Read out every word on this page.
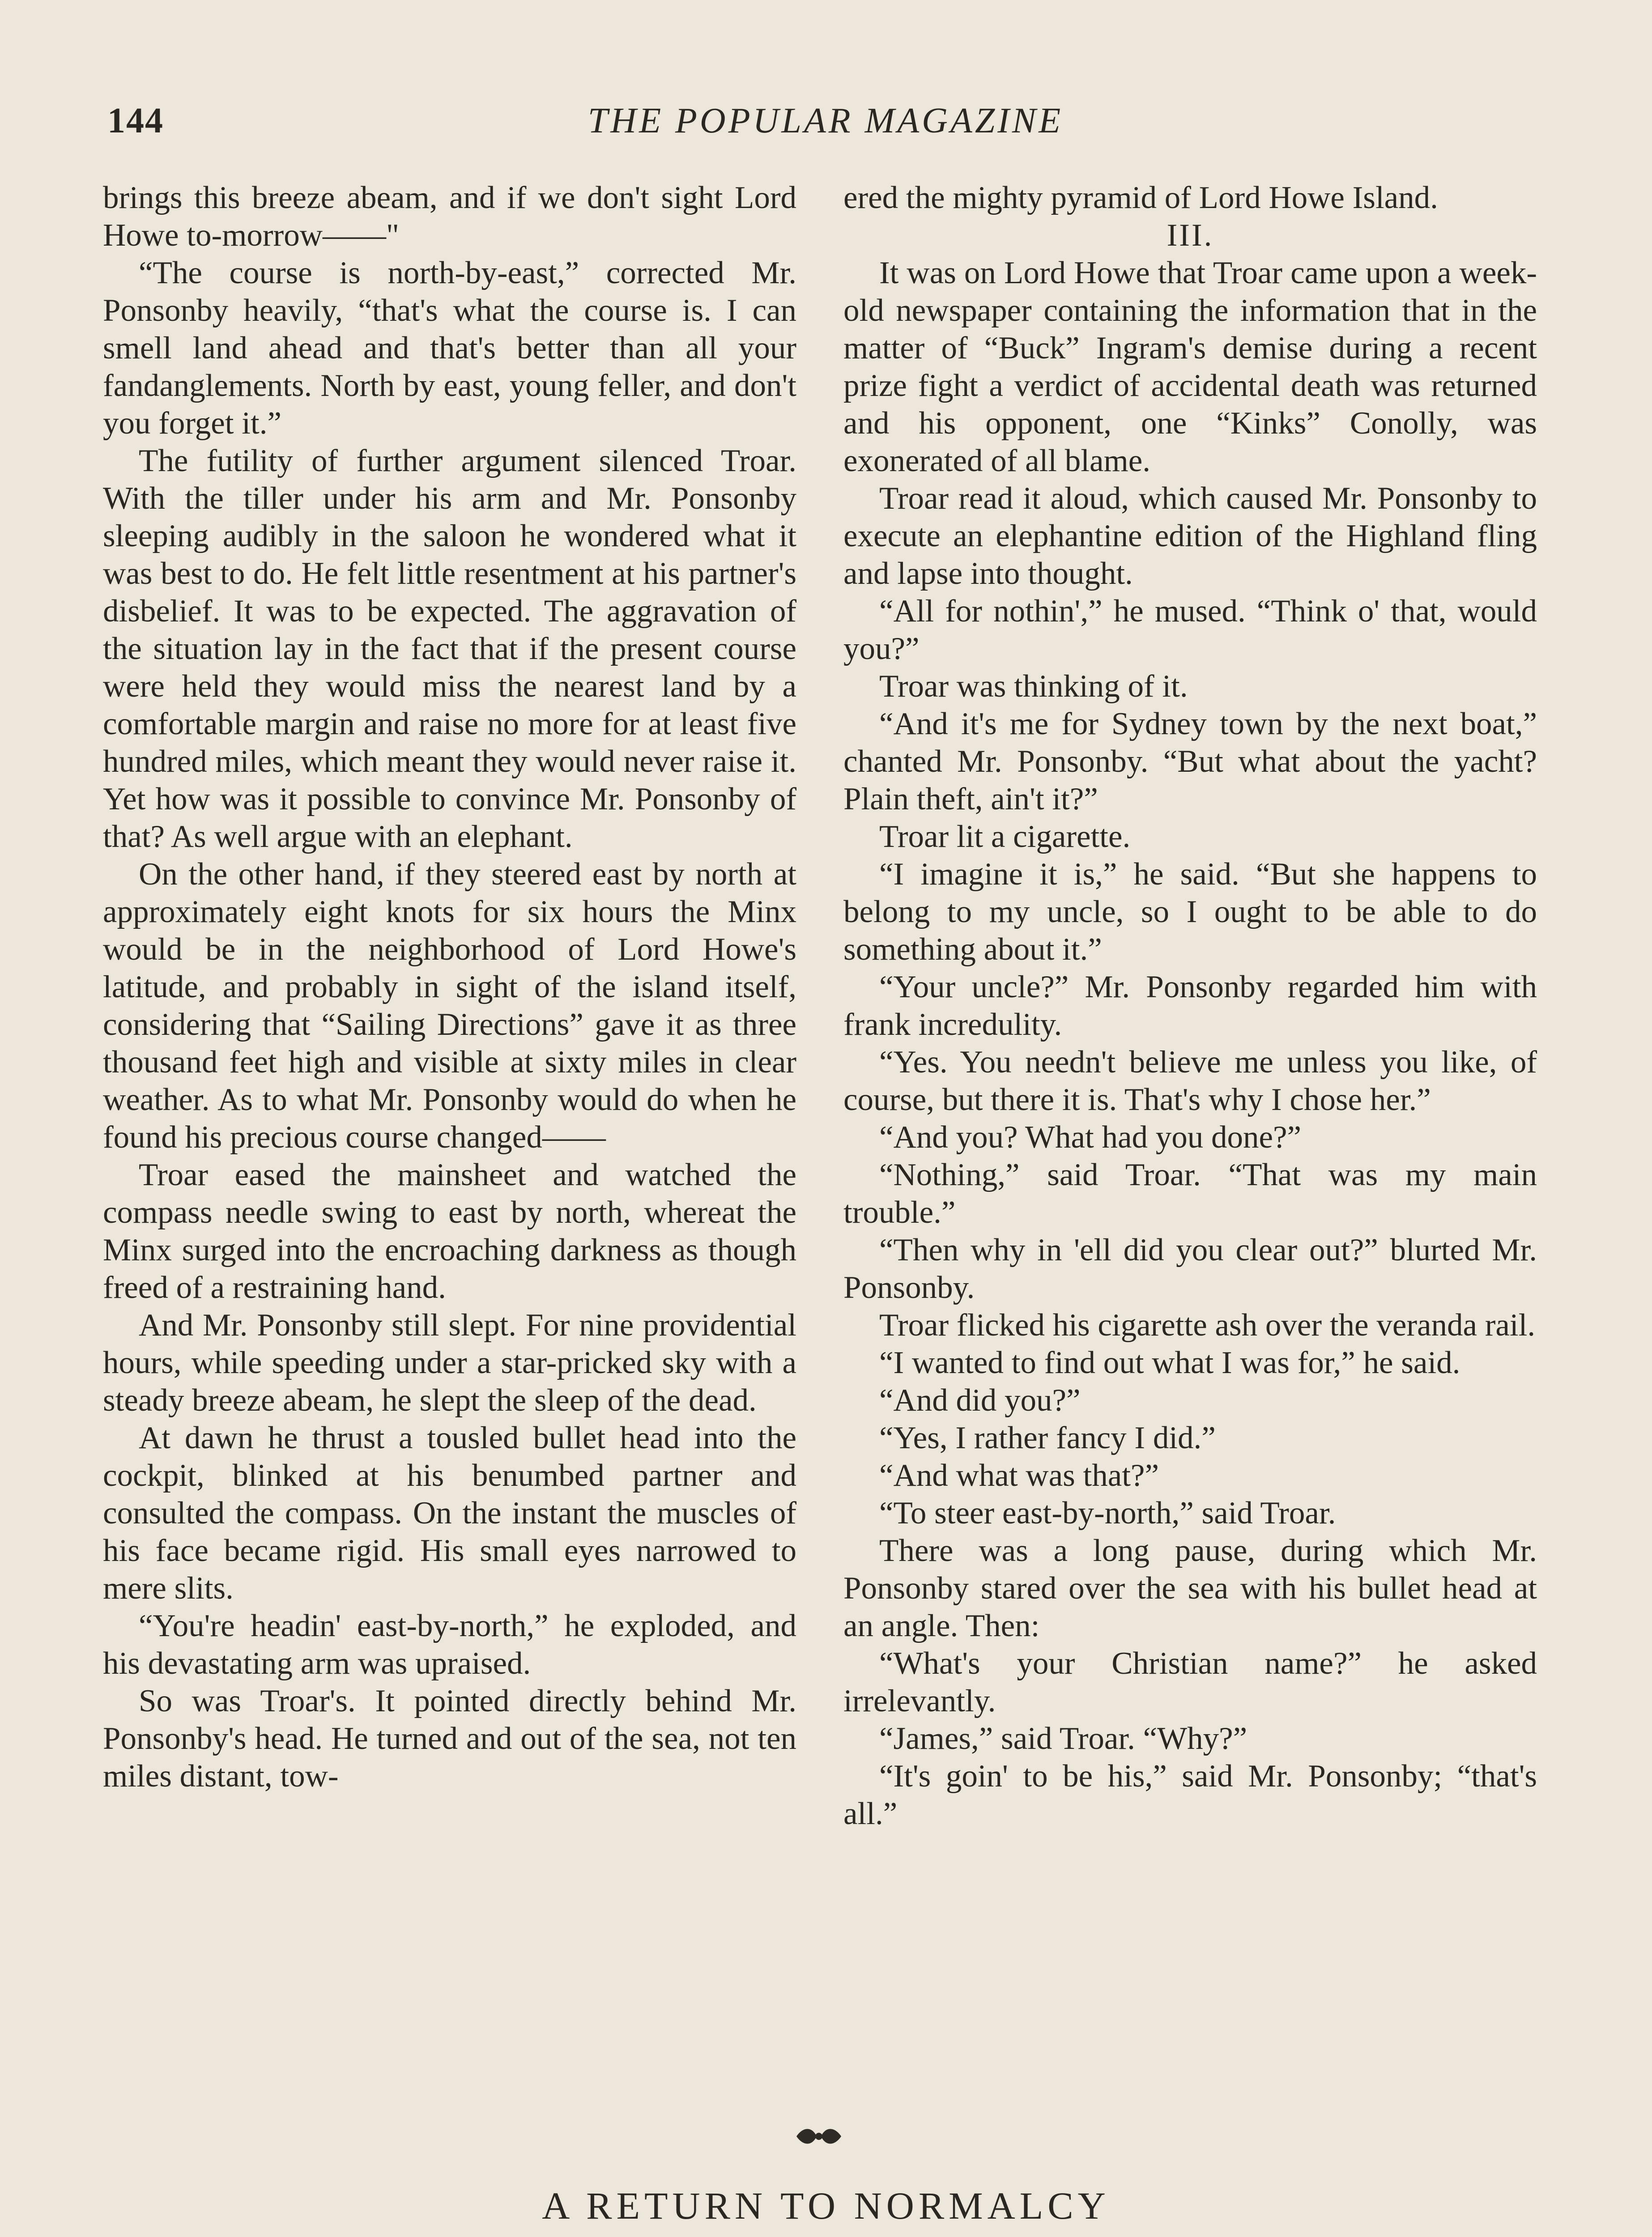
144	THE POPULAR MAGAZINE

brings this breeze abeam, and if we don't sight Lord Howe to-morrow——"

“The course is north-by-east,” corrected Mr. Ponsonby heavily, “that's what the course is. I can smell land ahead and that's better than all your fandanglements. North by east, young feller, and don't you forget it.”

The futility of further argument silenced Troar. With the tiller under his arm and Mr. Ponsonby sleeping audibly in the saloon he wondered what it was best to do. He felt little resentment at his partner's disbelief. It was to be expected. The aggravation of the situation lay in the fact that if the present course were held they would miss the nearest land by a comfortable margin and raise no more for at least five hundred miles, which meant they would never raise it. Yet how was it possible to convince Mr. Ponsonby of that? As well argue with an elephant.

On the other hand, if they steered east by north at approximately eight knots for six hours the Minx would be in the neighborhood of Lord Howe's latitude, and probably in sight of the island itself, considering that “Sailing Directions” gave it as three thousand feet high and visible at sixty miles in clear weather. As to what Mr. Ponsonby would do when he found his precious course changed——

Troar eased the mainsheet and watched the compass needle swing to east by north, whereat the Minx surged into the encroaching darkness as though freed of a restraining hand.

And Mr. Ponsonby still slept. For nine providential hours, while speeding under a star-pricked sky with a steady breeze abeam, he slept the sleep of the dead.

At dawn he thrust a tousled bullet head into the cockpit, blinked at his benumbed partner and consulted the compass. On the instant the muscles of his face became rigid. His small eyes narrowed to mere slits.

“You're headin' east-by-north,” he exploded, and his devastating arm was upraised.

So was Troar's. It pointed directly behind Mr. Ponsonby's head. He turned and out of the sea, not ten miles distant, tow-

ered the mighty pyramid of Lord Howe Island.

III.

It was on Lord Howe that Troar came upon a week-old newspaper containing the information that in the matter of “Buck” Ingram's demise during a recent prize fight a verdict of accidental death was returned and his opponent, one “Kinks” Conolly, was exonerated of all blame.

Troar read it aloud, which caused Mr. Ponsonby to execute an elephantine edition of the Highland fling and lapse into thought.

“All for nothin',” he mused. “Think o' that, would you?”

Troar was thinking of it.

“And it's me for Sydney town by the next boat,” chanted Mr. Ponsonby. “But what about the yacht? Plain theft, ain't it?”

Troar lit a cigarette.

“I imagine it is,” he said. “But she happens to belong to my uncle, so I ought to be able to do something about it.”

“Your uncle?” Mr. Ponsonby regarded him with frank incredulity.

“Yes. You needn't believe me unless you like, of course, but there it is. That's why I chose her.”

“And you? What had you done?”

“Nothing,” said Troar. “That was my main trouble.”

“Then why in 'ell did you clear out?” blurted Mr. Ponsonby.

Troar flicked his cigarette ash over the veranda rail.

“I wanted to find out what I was for,” he said.

“And did you?”

“Yes, I rather fancy I did.”

“And what was that?”

“To steer east-by-north,” said Troar.

There was a long pause, during which Mr. Ponsonby stared over the sea with his bullet head at an angle. Then:

“What's your Christian name?” he asked irrelevantly.

“James,” said Troar. “Why?”

“It's goin' to be his,” said Mr. Ponsonby; “that's all.”

A RETURN TO NORMALCY
